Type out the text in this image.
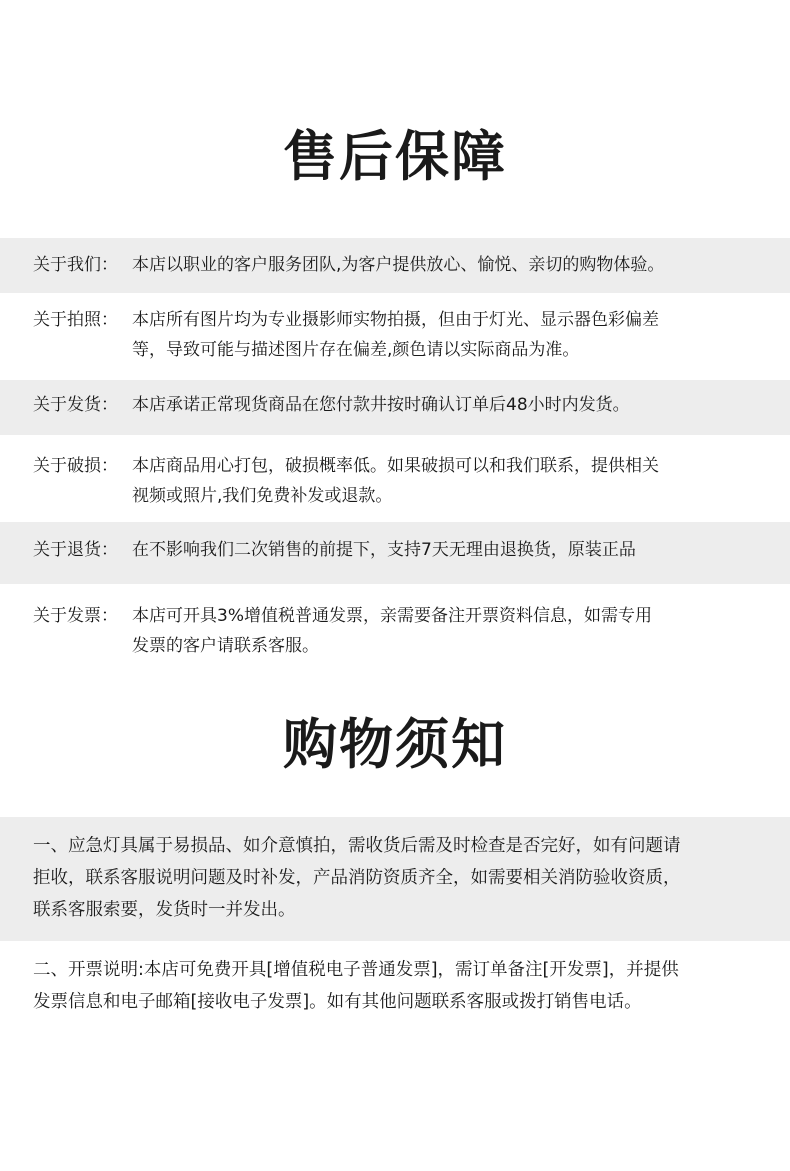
售后保障
关于我们： 本店以职业的客户服务团队,为客户提供放心、愉悦、亲切的购物体验。
关于拍照： 本店所有图片均为专业摄影师实物拍摄，但由于灯光、显示器色彩偏差
等，导致可能与描述图片存在偏差,颜色请以实际商品为准。
关于发货： 本店承诺正常现货商品在您付款井按时确认订单后48小时内发货。
关于破损： 本店商品用心打包，破损概率低。如果破损可以和我们联系，提供相关
视频或照片,我们免费补发或退款。
关于退货： 在不影响我们二次销售的前提下，支持7天无理由退换货，原装正品
关于发票： 本店可开具3%增值税普通发票，亲需要备注开票资料信息，如需专用
发票的客户请联系客服。
购物须知
一、应急灯具属于易损品、如介意慎拍，需收货后需及时检查是否完好，如有问题请
拒收，联系客服说明问题及时补发，产品消防资质齐全，如需要相关消防验收资质，
联系客服索要，发货时一并发出。
二、开票说明:本店可免费开具[增值税电子普通发票]，需订单备注[开发票]，并提供
发票信息和电子邮箱[接收电子发票]。如有其他问题联系客服或拨打销售电话。
